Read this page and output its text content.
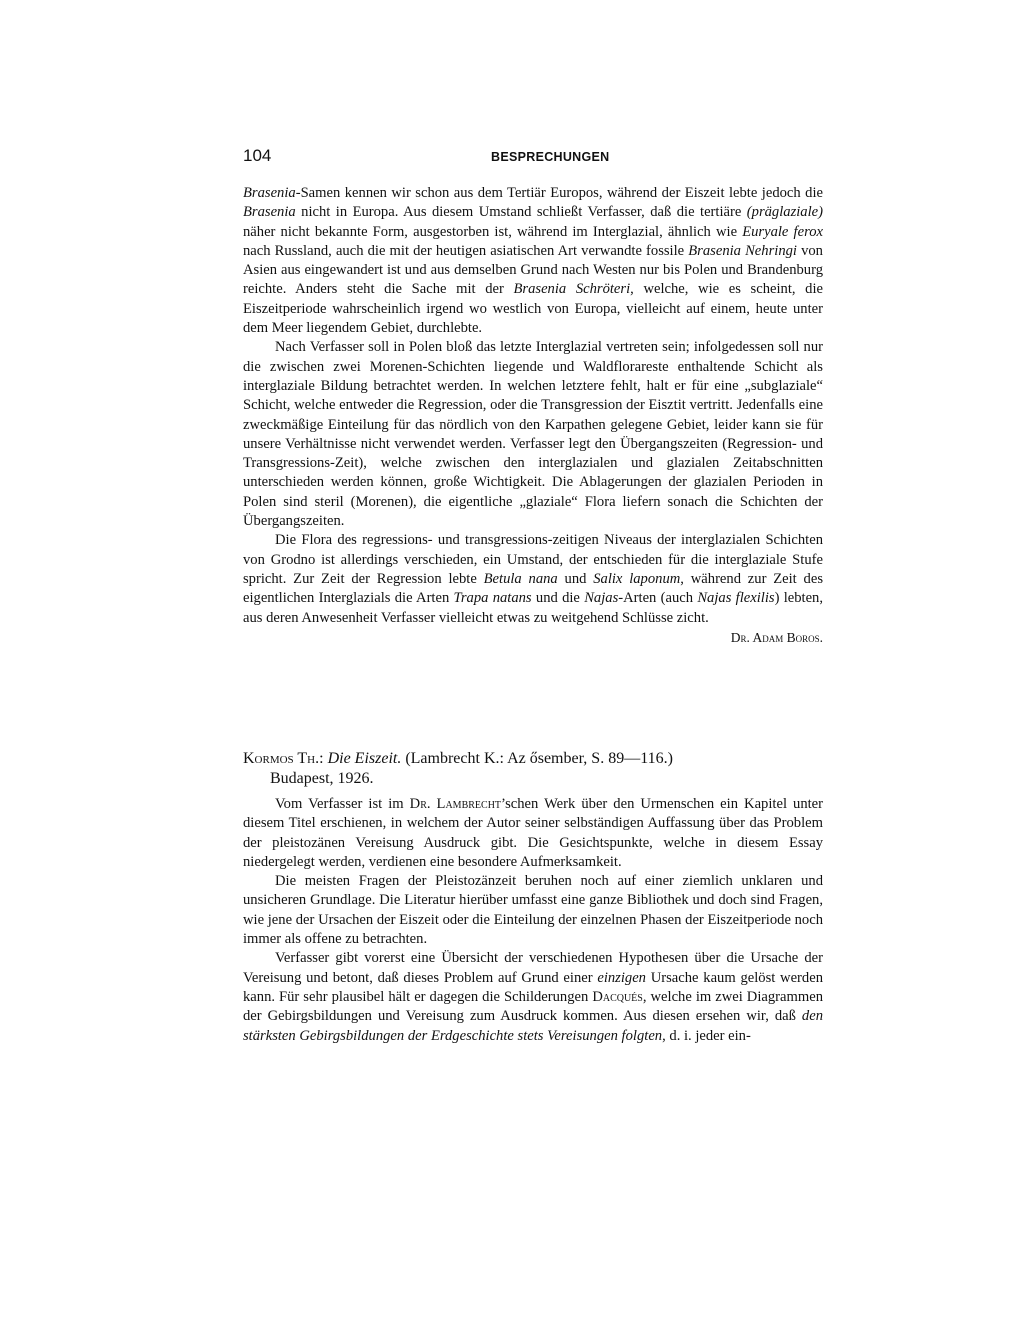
104	BESPRECHUNGEN

Brasenia-Samen kennen wir schon aus dem Tertiär Europos, während der Eiszeit lebte jedoch die Brasenia nicht in Europa. Aus diesem Umstand schließt Verfasser, daß die tertiäre (präglaziale) näher nicht bekannte Form, ausgestorben ist, während im Interglazial, ähnlich wie Euryale ferox nach Russland, auch die mit der heutigen asiatischen Art verwandte fossile Brasenia Nehringi von Asien aus eingewandert ist und aus demselben Grund nach Westen nur bis Polen und Brandenburg reichte. Anders steht die Sache mit der Brasenia Schröteri, welche, wie es scheint, die Eiszeitperiode wahrscheinlich irgend wo westlich von Europa, vielleicht auf einem, heute unter dem Meer liegendem Gebiet, durchlebte.

Nach Verfasser soll in Polen bloß das letzte Interglazial vertreten sein; infolgedessen soll nur die zwischen zwei Morenen-Schichten liegende und Waldflorareste enthaltende Schicht als interglaziale Bildung betrachtet werden. In welchen letztere fehlt, halt er für eine „subglaziale“ Schicht, welche entweder die Regression, oder die Transgression der Eisztit vertritt. Jedenfalls eine zweckmäßige Einteilung für das nördlich von den Karpathen gelegene Gebiet, leider kann sie für unsere Verhältnisse nicht verwendet werden. Verfasser legt den Übergangszeiten (Regression- und Transgressions-Zeit), welche zwischen den interglazialen und glazialen Zeitabschnitten unterschieden werden können, große Wichtigkeit. Die Ablagerungen der glazialen Perioden in Polen sind steril (Morenen), die eigentliche „glaziale“ Flora liefern sonach die Schichten der Übergangszeiten.

Die Flora des regressions- und transgressions-zeitigen Niveaus der interglazialen Schichten von Grodno ist allerdings verschieden, ein Umstand, der entschieden für die interglaziale Stufe spricht. Zur Zeit der Regression lebte Betula nana und Salix laponum, während zur Zeit des eigentlichen Interglazials die Arten Trapa natans und die Najas-Arten (auch Najas flexilis) lebten, aus deren Anwesenheit Verfasser vielleicht etwas zu weitgehend Schlüsse zicht.

Dr. Adam Boros.

Kormos Th.: Die Eiszeit. (Lambrecht K.: Az ősember, S. 89—116.)
Budapest, 1926.

Vom Verfasser ist im Dr. Lambrecht’schen Werk über den Urmenschen ein Kapitel unter diesem Titel erschienen, in welchem der Autor seiner selbständigen Auffassung über das Problem der pleistozänen Vereisung Ausdruck gibt. Die Gesichtspunkte, welche in diesem Essay niedergelegt werden, verdienen eine besondere Aufmerksamkeit.

Die meisten Fragen der Pleistozänzeit beruhen noch auf einer ziemlich unklaren und unsicheren Grundlage. Die Literatur hierüber umfasst eine ganze Bibliothek und doch sind Fragen, wie jene der Ursachen der Eiszeit oder die Einteilung der einzelnen Phasen der Eiszeitperiode noch immer als offene zu betrachten.

Verfasser gibt vorerst eine Übersicht der verschiedenen Hypothesen über die Ursache der Vereisung und betont, daß dieses Problem auf Grund einer einzigen Ursache kaum gelöst werden kann. Für sehr plausibel hält er dagegen die Schilderungen Dacqués, welche im zwei Diagrammen der Gebirgsbildungen und Vereisung zum Ausdruck kommen. Aus diesen ersehen wir, daß den stärksten Gebirgsbildungen der Erdgeschichte stets Vereisungen folgten, d. i. jeder ein-
